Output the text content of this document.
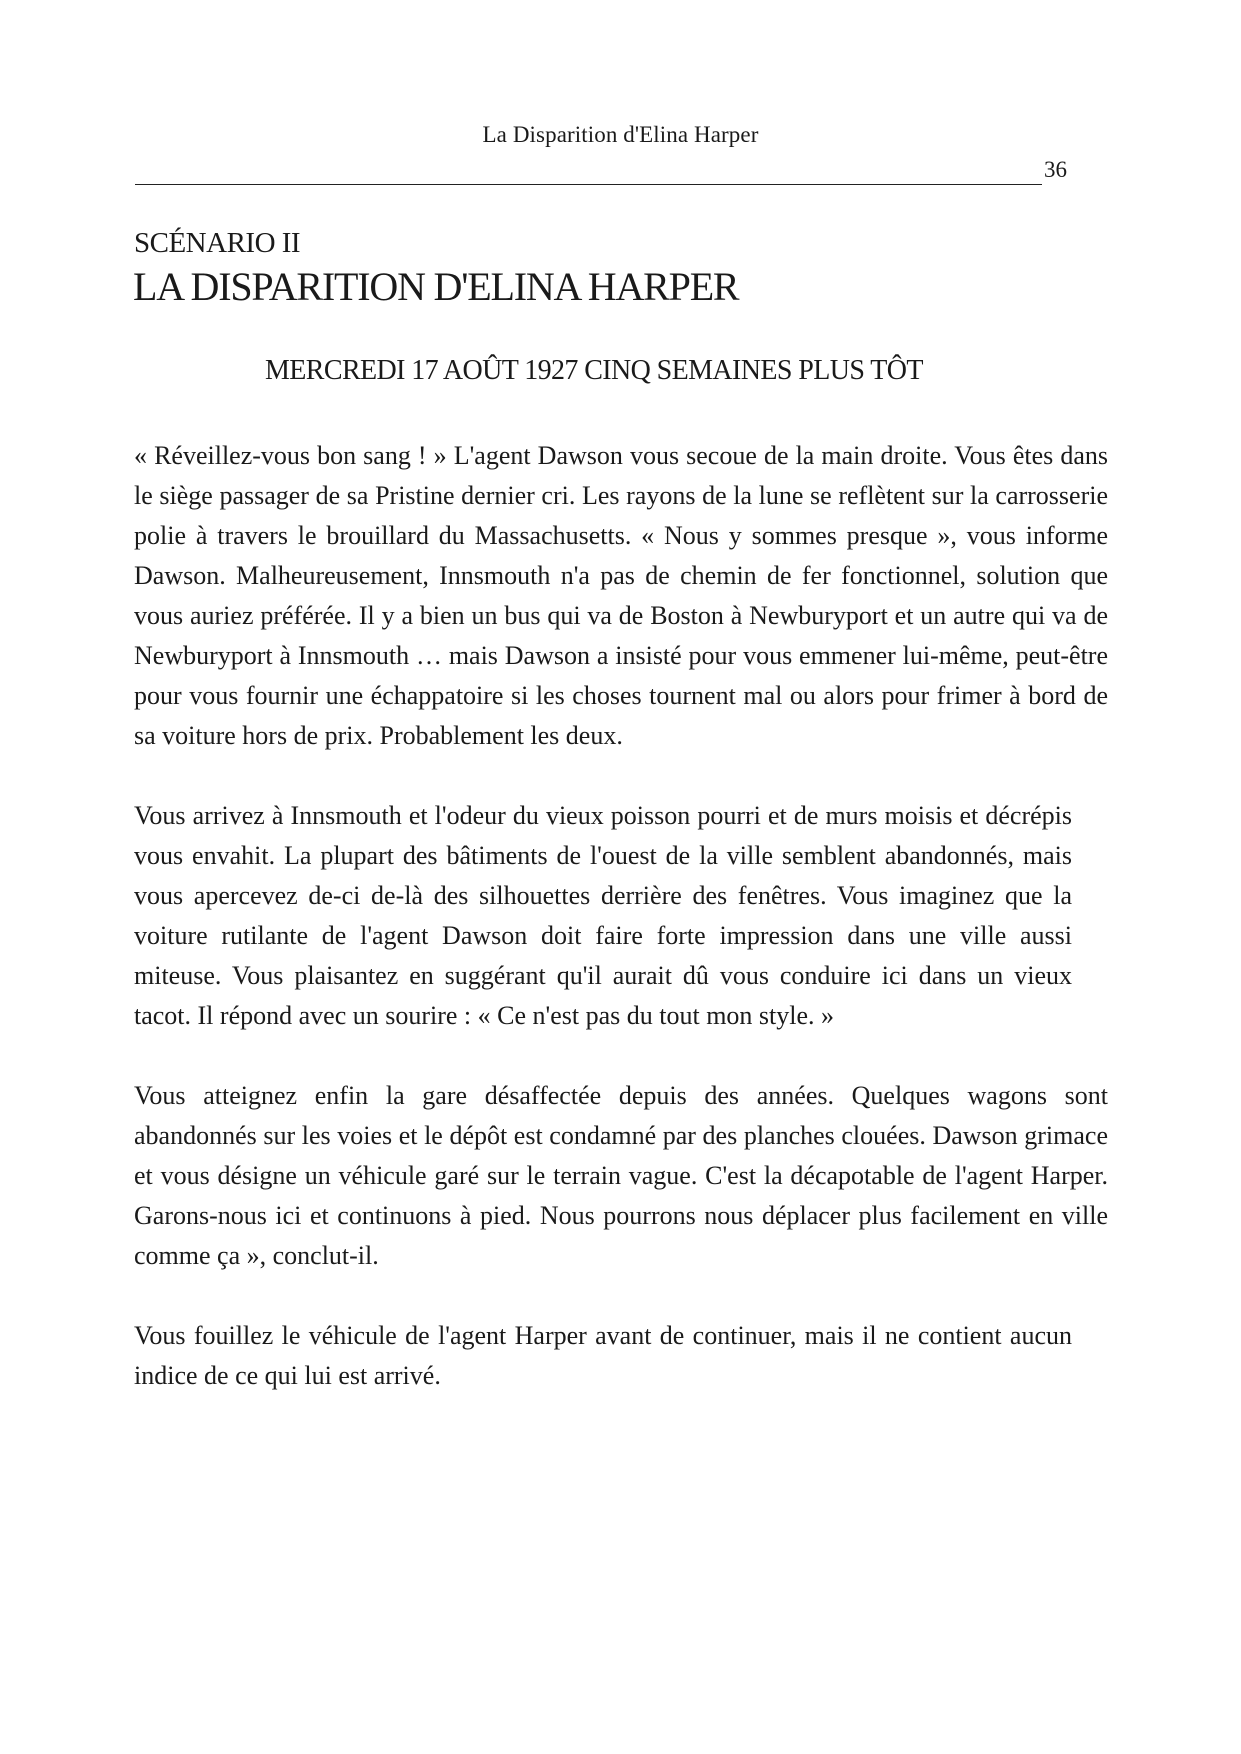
La Disparition d'Elina Harper
36
SCÉNARIO II
LA DISPARITION D'ELINA HARPER
MERCREDI 17 AOÛT 1927 CINQ SEMAINES PLUS TÔT

« Réveillez-vous bon sang ! » L'agent Dawson vous secoue de la main droite. Vous êtes dans le siège passager de sa Pristine dernier cri. Les rayons de la lune se reflètent sur la carrosserie polie à travers le brouillard du Massachusetts. « Nous y sommes presque », vous informe Dawson. Malheureusement, Innsmouth n'a pas de chemin de fer fonctionnel, solution que vous auriez préférée. Il y a bien un bus qui va de Boston à Newburyport et un autre qui va de Newburyport à Innsmouth … mais Dawson a insisté pour vous emmener lui-même, peut-être pour vous fournir une échappatoire si les choses tournent mal ou alors pour frimer à bord de sa voiture hors de prix. Probablement les deux.

Vous arrivez à Innsmouth et l'odeur du vieux poisson pourri et de murs moisis et décrépis vous envahit. La plupart des bâtiments de l'ouest de la ville semblent abandonnés, mais vous apercevez de-ci de-là des silhouettes derrière des fenêtres. Vous imaginez que la voiture rutilante de l'agent Dawson doit faire forte impression dans une ville aussi miteuse. Vous plaisantez en suggérant qu'il aurait dû vous conduire ici dans un vieux tacot. Il répond avec un sourire : « Ce n'est pas du tout mon style. »

Vous atteignez enfin la gare désaffectée depuis des années. Quelques wagons sont abandonnés sur les voies et le dépôt est condamné par des planches clouées. Dawson grimace et vous désigne un véhicule garé sur le terrain vague. C'est la décapotable de l'agent Harper. Garons-nous ici et continuons à pied. Nous pourrons nous déplacer plus facilement en ville comme ça », conclut-il.

Vous fouillez le véhicule de l'agent Harper avant de continuer, mais il ne contient aucun indice de ce qui lui est arrivé.
